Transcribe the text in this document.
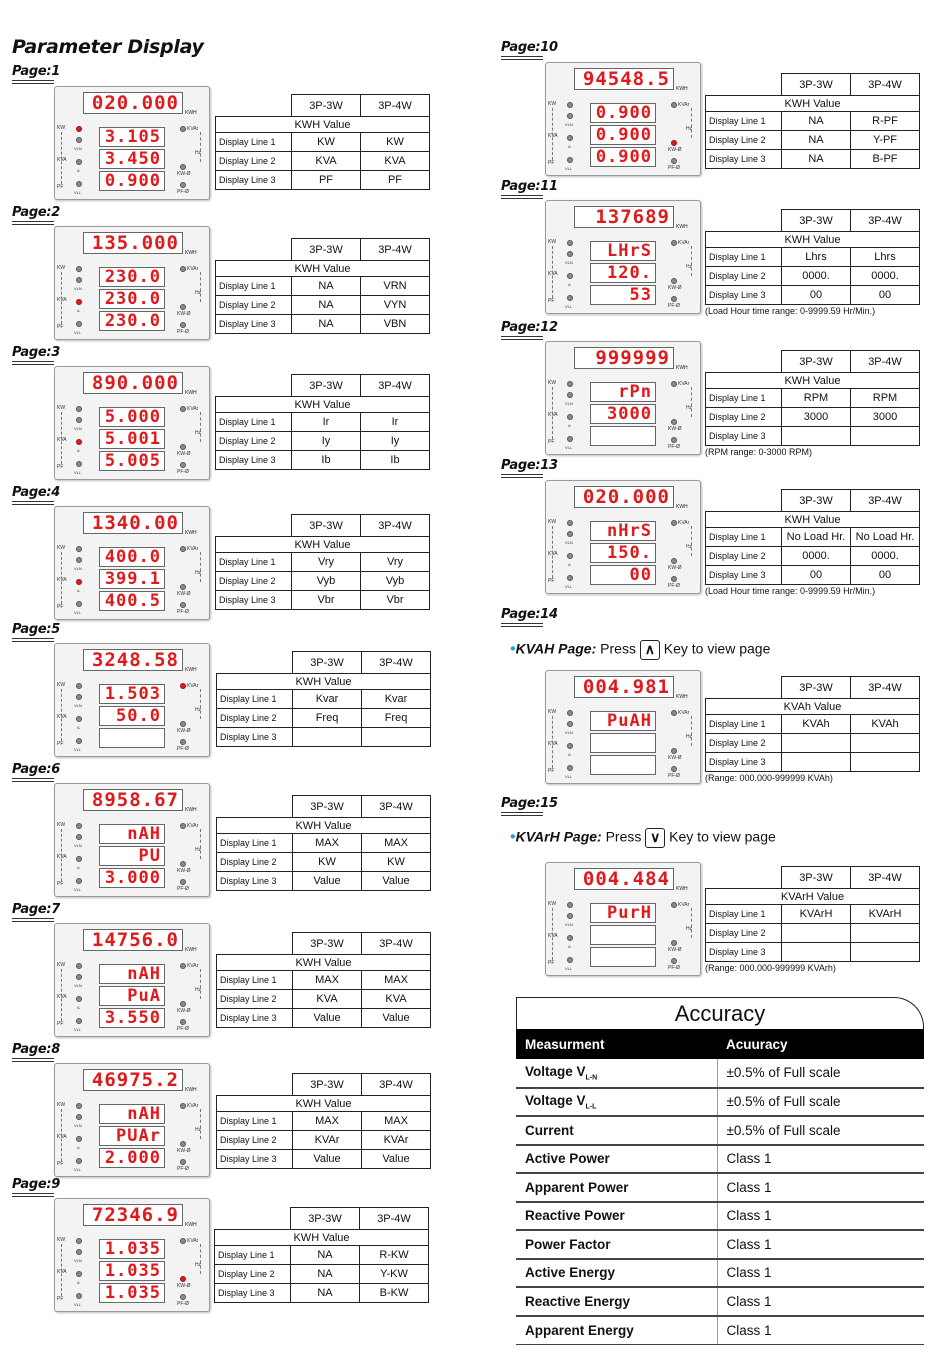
Parameter Display
Page:1
020.000	KWH
3.105
3.450
0.900
KW
KVA
PF
VLN
A
VLL
KVAr
Hz
KW-Ø
PF-Ø
	3P-3W	3P-4W
KWH Value		
Display Line 1	KW	KW
Display Line 2	KVA	KVA
Display Line 3	PF	PF
Page:2
135.000	KWH
230.0
230.0
230.0
KW
KVA
PF
VLN
A
VLL
KVAr
Hz
KW-Ø
PF-Ø
	3P-3W	3P-4W
KWH Value		
Display Line 1	NA	VRN
Display Line 2	NA	VYN
Display Line 3	NA	VBN
Page:3
890.000	KWH
5.000
5.001
5.005
KW
KVA
PF
VLN
A
VLL
KVAr
Hz
KW-Ø
PF-Ø
	3P-3W	3P-4W
KWH Value		
Display Line 1	Ir	Ir
Display Line 2	Iy	Iy
Display Line 3	Ib	Ib
Page:4
1340.00	KWH
400.0
399.1
400.5
KW
KVA
PF
VLN
A
VLL
KVAr
Hz
KW-Ø
PF-Ø
	3P-3W	3P-4W
KWH Value		
Display Line 1	Vry	Vry
Display Line 2	Vyb	Vyb
Display Line 3	Vbr	Vbr
Page:5
3248.58	KWH
1.503
50.0
KW
KVA
PF
VLN
A
VLL
KVAr
Hz
KW-Ø
PF-Ø
	3P-3W	3P-4W
KWH Value		
Display Line 1	Kvar	Kvar
Display Line 2	Freq	Freq
Display Line 3		
Page:6
8958.67	KWH
nAH
PU
3.000
KW
KVA
PF
VLN
A
VLL
KVAr
Hz
KW-Ø
PF-Ø
	3P-3W	3P-4W
KWH Value		
Display Line 1	MAX	MAX
Display Line 2	KW	KW
Display Line 3	Value	Value
Page:7
14756.0	KWH
nAH
PuA
3.550
KW
KVA
PF
VLN
A
VLL
KVAr
Hz
KW-Ø
PF-Ø
	3P-3W	3P-4W
KWH Value		
Display Line 1	MAX	MAX
Display Line 2	KVA	KVA
Display Line 3	Value	Value
Page:8
46975.2	KWH
nAH
PUAr
2.000
KW
KVA
PF
VLN
A
VLL
KVAr
Hz
KW-Ø
PF-Ø
	3P-3W	3P-4W
KWH Value		
Display Line 1	MAX	MAX
Display Line 2	KVAr	KVAr
Display Line 3	Value	Value
Page:9
72346.9	KWH
1.035
1.035
1.035
KW
KVA
PF
VLN
A
VLL
KVAr
Hz
KW-Ø
PF-Ø
	3P-3W	3P-4W
KWH Value		
Display Line 1	NA	R-KW
Display Line 2	NA	Y-KW
Display Line 3	NA	B-KW
Page:10
94548.5	KWH
0.900
0.900
0.900
KW
KVA
PF
VLN
A
VLL
KVAr
Hz
KW-Ø
PF-Ø
	3P-3W	3P-4W
KWH Value		
Display Line 1	NA	R-PF
Display Line 2	NA	Y-PF
Display Line 3	NA	B-PF
Page:11
137689	KWH
LHrS
120.
53
KW
KVA
PF
VLN
A
VLL
KVAr
Hz
KW-Ø
PF-Ø
	3P-3W	3P-4W
KWH Value		
Display Line 1	Lhrs	Lhrs
Display Line 2	0000.	0000.
Display Line 3	00	00
(Load Hour time range: 0-9999.59 Hr/Min.)
Page:12
999999	KWH
rPn
3000
KW
KVA
PF
VLN
A
VLL
KVAr
Hz
KW-Ø
PF-Ø
	3P-3W	3P-4W
KWH Value		
Display Line 1	RPM	RPM
Display Line 2	3000	3000
Display Line 3		
(RPM range: 0-3000 RPM)
Page:13
020.000	KWH
nHrS
150.
00
KW
KVA
PF
VLN
A
VLL
KVAr
Hz
KW-Ø
PF-Ø
	3P-3W	3P-4W
KWH Value		
Display Line 1	No Load Hr.	No Load Hr.
Display Line 2	0000.	0000.
Display Line 3	00	00
(Load Hour time range: 0-9999.59 Hr/Min.)
Page:14
•KVAH Page: Press ∧ Key to view page
004.981	KWH
PuAH
KW
KVA
PF
VLN
A
VLL
KVAr
Hz
KW-Ø
PF-Ø
	3P-3W	3P-4W
KVAh Value		
Display Line 1	KVAh	KVAh
Display Line 2		
Display Line 3		
(Range: 000.000-999999 KVAh)
Page:15
•KVArH Page: Press ∨ Key to view page
004.484	KWH
PurH
KW
KVA
PF
VLN
A
VLL
KVAr
Hz
KW-Ø
PF-Ø
	3P-3W	3P-4W
KVArH Value		
Display Line 1	KVArH	KVArH
Display Line 2		
Display Line 3		
(Range: 000.000-999999 KVArh)
Accuracy
Measurment	Acuuracy
Voltage $V_{L-N}$	±0.5% of Full scale
Voltage $V_{L-L}$	±0.5% of Full scale
Current	±0.5% of Full scale
Active Power	Class 1
Apparent Power	Class 1
Reactive Power	Class 1
Power Factor	Class 1
Active Energy	Class 1
Reactive Energy	Class 1
Apparent Energy	Class 1
